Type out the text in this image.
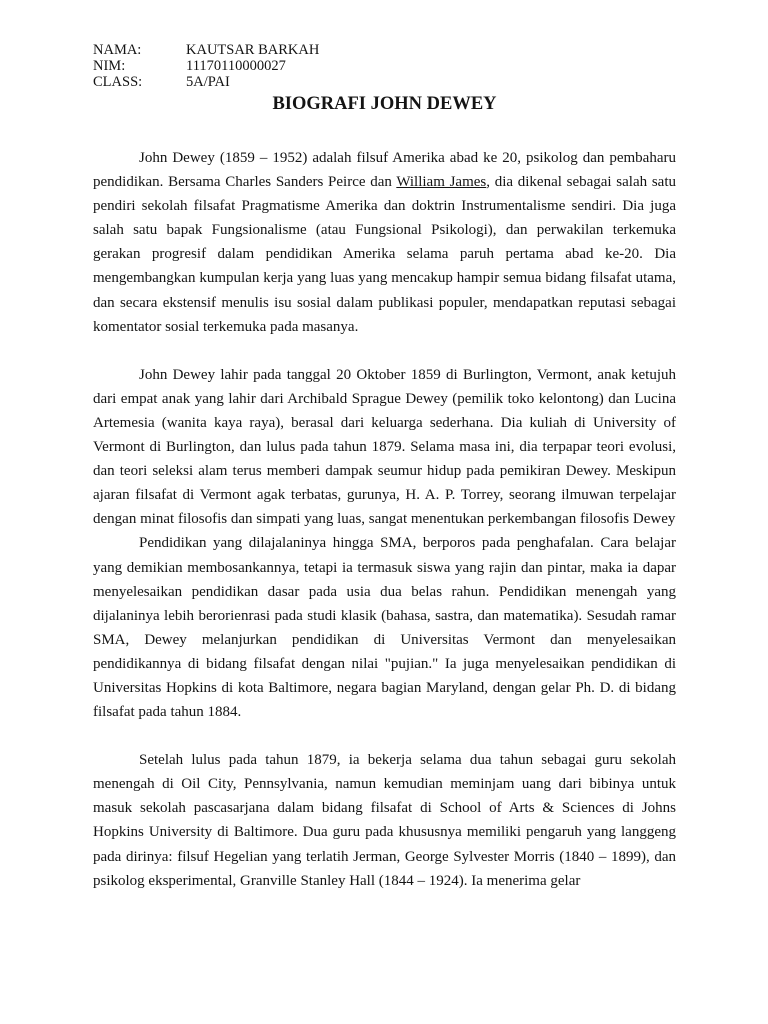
NAMA:	KAUTSAR BARKAH
NIM:	11170110000027
CLASS:	5A/PAI
BIOGRAFI JOHN DEWEY

John Dewey (1859 – 1952) adalah filsuf Amerika abad ke 20, psikolog dan pembaharu pendidikan. Bersama Charles Sanders Peirce dan William James, dia dikenal sebagai salah satu pendiri sekolah filsafat Pragmatisme Amerika dan doktrin Instrumentalisme sendiri. Dia juga salah satu bapak Fungsionalisme (atau Fungsional Psikologi), dan perwakilan terkemuka gerakan progresif dalam pendidikan Amerika selama paruh pertama abad ke-20. Dia mengembangkan kumpulan kerja yang luas yang mencakup hampir semua bidang filsafat utama, dan secara ekstensif menulis isu sosial dalam publikasi populer, mendapatkan reputasi sebagai komentator sosial terkemuka pada masanya.

John Dewey lahir pada tanggal 20 Oktober 1859 di Burlington, Vermont, anak ketujuh dari empat anak yang lahir dari Archibald Sprague Dewey (pemilik toko kelontong) dan Lucina Artemesia (wanita kaya raya), berasal dari keluarga sederhana. Dia kuliah di University of Vermont di Burlington, dan lulus pada tahun 1879. Selama masa ini, dia terpapar teori evolusi, dan teori seleksi alam terus memberi dampak seumur hidup pada pemikiran Dewey. Meskipun ajaran filsafat di Vermont agak terbatas, gurunya, H. A. P. Torrey, seorang ilmuwan terpelajar dengan minat filosofis dan simpati yang luas, sangat menentukan perkembangan filosofis Dewey

Pendidikan yang dilajalaninya hingga SMA, berporos pada penghafalan. Cara belajar yang demikian membosankannya, tetapi ia termasuk siswa yang rajin dan pintar, maka ia dapar menyelesaikan pendidikan dasar pada usia dua belas rahun. Pendidikan menengah yang dijalaninya lebih berorienrasi pada studi klasik (bahasa, sastra, dan matematika). Sesudah ramar SMA, Dewey melanjurkan pendidikan di Universitas Vermont dan menyelesaikan pendidikannya di bidang filsafat dengan nilai "pujian." Ia juga menyelesaikan pendidikan di Universitas Hopkins di kota Baltimore, negara bagian Maryland, dengan gelar Ph. D. di bidang filsafat pada tahun 1884.

Setelah lulus pada tahun 1879, ia bekerja selama dua tahun sebagai guru sekolah menengah di Oil City, Pennsylvania, namun kemudian meminjam uang dari bibinya untuk masuk sekolah pascasarjana dalam bidang filsafat di School of Arts & Sciences di Johns Hopkins University di Baltimore. Dua guru pada khususnya memiliki pengaruh yang langgeng pada dirinya: filsuf Hegelian yang terlatih Jerman, George Sylvester Morris (1840 – 1899), dan psikolog eksperimental, Granville Stanley Hall (1844 – 1924). Ia menerima gelar
